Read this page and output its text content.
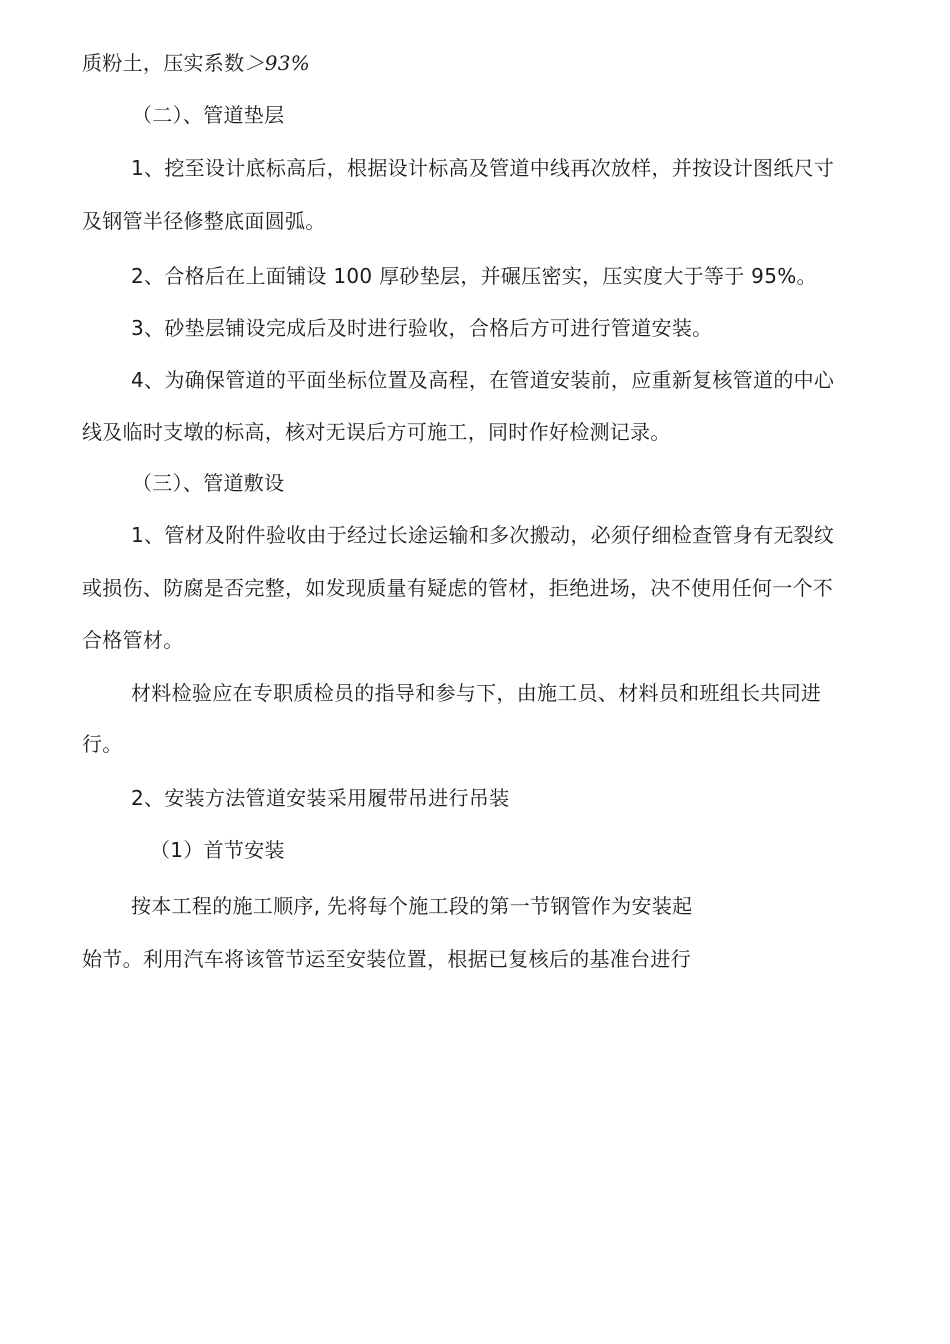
质粉土，压实系数＞93%
（二）、管道垫层
1、挖至设计底标高后，根据设计标高及管道中线再次放样，并按设计图纸尺寸
及钢管半径修整底面圆弧。
2、合格后在上面铺设 100 厚砂垫层，并碾压密实，压实度大于等于 95%。
3、砂垫层铺设完成后及时进行验收，合格后方可进行管道安装。
4、为确保管道的平面坐标位置及高程，在管道安装前，应重新复核管道的中心
线及临时支墩的标高，核对无误后方可施工，同时作好检测记录。
（三）、管道敷设
1、管材及附件验收由于经过长途运输和多次搬动，必须仔细检查管身有无裂纹
或损伤、防腐是否完整，如发现质量有疑虑的管材，拒绝进场，决不使用任何一个不
合格管材。
材料检验应在专职质检员的指导和参与下，由施工员、材料员和班组长共同进
行。
2、安装方法管道安装采用履带吊进行吊装
（1）首节安装
按本工程的施工顺序, 先将每个施工段的第一节钢管作为安装起
始节。利用汽车将该管节运至安装位置，根据已复核后的基准台进行
